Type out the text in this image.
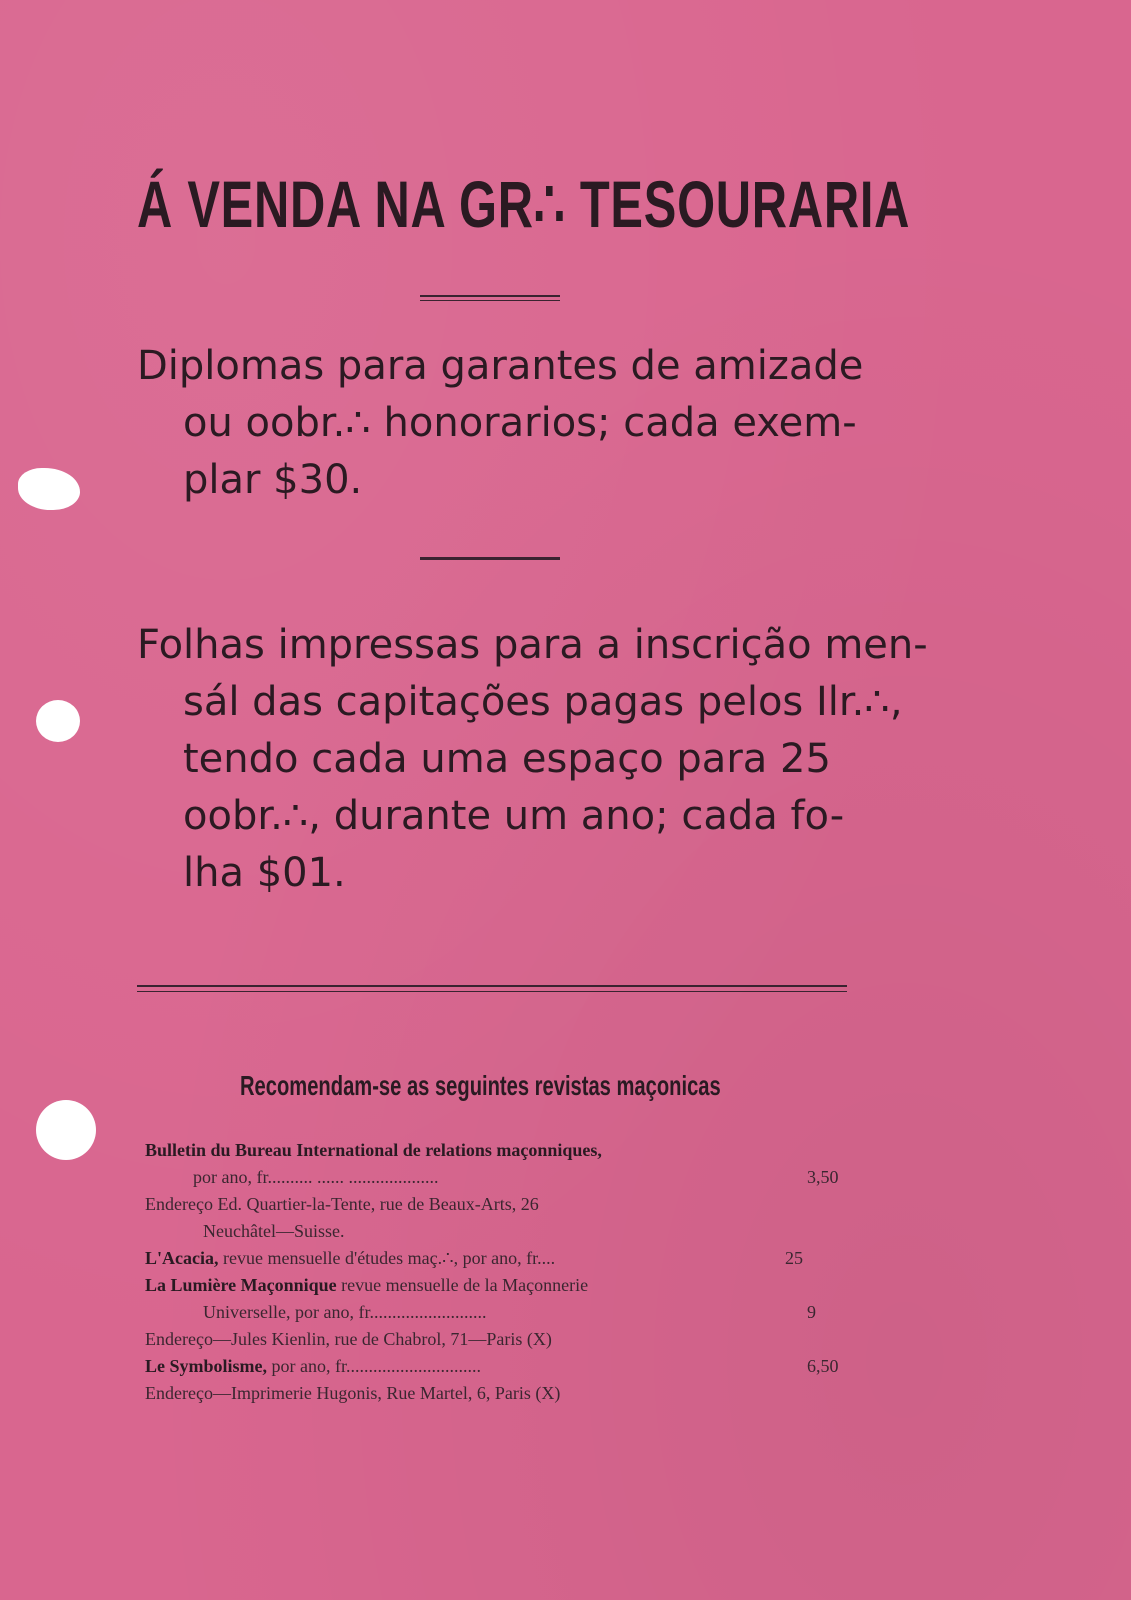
Á VENDA NA GR∴ TESOURARIA
Diplomas para garantes de amizade
ou oobr.∴ honorarios; cada exem-
plar $30.
Folhas impressas para a inscrição men-
sál das capitações pagas pelos Ilr.∴,
tendo cada uma espaço para 25
oobr.∴, durante um ano; cada fo-
lha $01.
Recomendam-se as seguintes revistas maçonicas
Bulletin du Bureau International de relations maçonniques,
por ano, fr.......... ...... ....................	3,50
Endereço Ed. Quartier-la-Tente, rue de Beaux-Arts, 26
Neuchâtel—Suisse.
L'Acacia, revue mensuelle d'études maç.∴, por ano, fr....	25
La Lumière Maçonnique revue mensuelle de la Maçonnerie
Universelle, por ano, fr..........................	9
Endereço—Jules Kienlin, rue de Chabrol, 71—Paris (X)
Le Symbolisme, por ano, fr..............................	6,50
Endereço—Imprimerie Hugonis, Rue Martel, 6, Paris (X)
